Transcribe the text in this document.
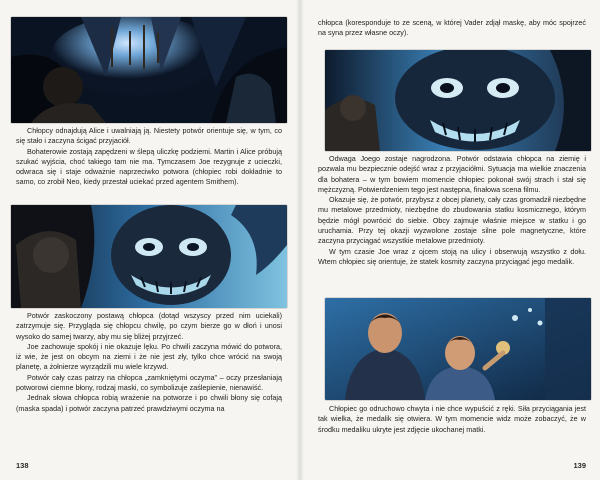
Chłopcy odnajdują Alice i uwalniają ją. Niestety potwór orientuje się, w tym, co się stało i zaczyna ścigać przyjaciół.

Bohaterowie zostają zapędzeni w ślepą uliczkę podziemi. Martin i Alice próbują szukać wyjścia, choć takiego tam nie ma. Tymczasem Joe rezygnuje z ucieczki, odwraca się i staje odważnie naprzeciwko potwora (chłopiec robi dokładnie to samo, co zrobił Neo, kiedy przestał uciekać przed agentem Smithem).

Potwór zaskoczony postawą chłopca (dotąd wszyscy przed nim uciekali) zatrzymuje się. Przygląda się chłopcu chwilę, po czym bierze go w dłoń i unosi wysoko do samej twarzy, aby mu się bliżej przyjrzeć.

Joe zachowuje spokój i nie okazuje lęku. Po chwili zaczyna mówić do potwora, iż wie, że jest on obcym na ziemi i że nie jest zły, tylko chce wrócić na swoją planetę, a żołnierze wyrządzili mu wiele krzywd.

Potwór cały czas patrzy na chłopca „zamkniętymi oczyma” – oczy przesłaniają potworowi ciemne błony, rodzaj maski, co symbolizuje zaślepienie, nienawiść.

Jednak słowa chłopca robią wrażenie na potworze i po chwili błony się cofają (maska spada) i potwór zaczyna patrzeć prawdziwymi oczyma na

138

chłopca (koresponduje to ze sceną, w której Vader zdjął maskę, aby móc spojrzeć na syna przez własne oczy).

Odwaga Joego zostaje nagrodzona. Potwór odstawia chłopca na ziemię i pozwala mu bezpiecznie odejść wraz z przyjaciółmi. Sytuacja ma wielkie znaczenia dla bohatera – w tym bowiem momencie chłopiec pokonał swój strach i stał się mężczyzną. Potwierdzeniem tego jest następna, finałowa scena filmu.

Okazuje się, że potwór, przybysz z obcej planety, cały czas gromadził niezbędne mu metalowe przedmioty, niezbędne do zbudowania statku kosmicznego, którym będzie mógł powrócić do siebie. Obcy zajmuje właśnie miejsce w statku i go uruchamia. Przy tej okazji wyzwolone zostaje silne pole magnetyczne, które zaczyna przyciągać wszystkie metalowe przedmioty.

W tym czasie Joe wraz z ojcem stoją na ulicy i obserwują wszystko z dołu. Wtem chłopiec się orientuje, że statek kosmity zaczyna przyciągać jego medalik.

Chłopiec go odruchowo chwyta i nie chce wypuścić z ręki. Siła przyciągania jest tak wielka, że medalik się otwiera. W tym momencie widz może zobaczyć, że w środku medaliku ukryte jest zdjęcie ukochanej matki.

139
